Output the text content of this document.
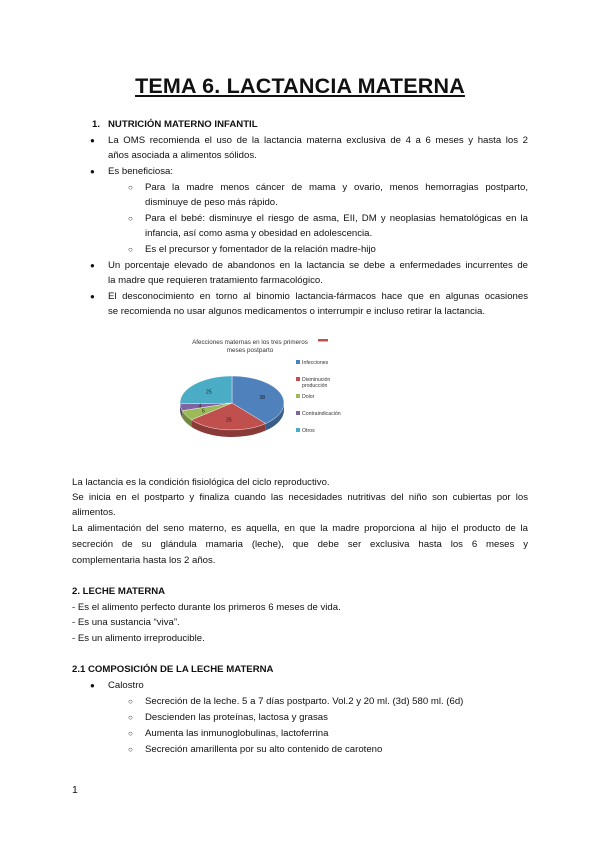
TEMA 6. LACTANCIA MATERNA
1. NUTRICIÓN MATERNO INFANTIL
● La OMS recomienda el uso de la lactancia materna exclusiva de 4 a 6 meses y hasta los 2
años asociada a alimentos sólidos.
● Es beneficiosa:
○ Para la madre menos cáncer de mama y ovario, menos hemorragias postparto,
disminuye de peso más rápido.
○ Para el bebé: disminuye el riesgo de asma, EII, DM y neoplasias hematológicas en la
infancia, así como asma y obesidad en adolescencia.
○ Es el precursor y fomentador de la relación madre-hijo
● Un porcentaje elevado de abandonos en la lactancia se debe a enfermedades incurrentes de
la madre que requieren tratamiento farmacológico.
● El desconocimiento en torno al binomio lactancia-fármacos hace que en algunas ocasiones
se recomienda no usar algunos medicamentos o interrumpir e incluso retirar la lactancia.
Afecciones maternas en los tres primeros meses postparto
38
25
6
4
25
Infecciones
Disminución producción
Dolor
Contraindicación
Otros
La lactancia es la condición fisiológica del ciclo reproductivo.
Se inicia en el postparto y finaliza cuando las necesidades nutritivas del niño son cubiertas por los
alimentos.
La alimentación del seno materno, es aquella, en que la madre proporciona al hijo el producto de la
secreción de su glándula mamaria (leche), que debe ser exclusiva hasta los 6 meses y
complementaria hasta los 2 años.
2. LECHE MATERNA
- Es el alimento perfecto durante los primeros 6 meses de vida.
- Es una sustancia “viva”.
- Es un alimento irreproducible.
2.1 COMPOSICIÓN DE LA LECHE MATERNA
● Calostro
○ Secreción de la leche. 5 a 7 días postparto. Vol.2 y 20 ml. (3d) 580 ml. (6d)
○ Descienden las proteínas, lactosa y grasas
○ Aumenta las inmunoglobulinas, lactoferrina
○ Secreción amarillenta por su alto contenido de caroteno
1
